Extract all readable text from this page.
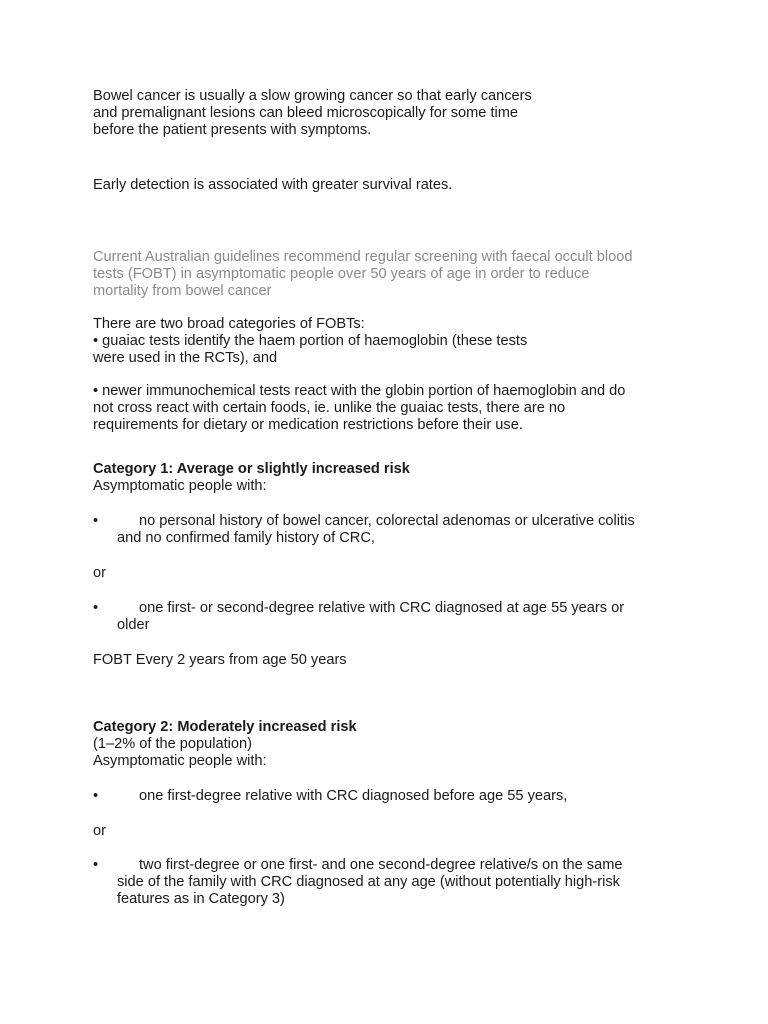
Bowel cancer is usually a slow growing cancer so that early cancers
and premalignant lesions can bleed microscopically for some time
before the patient presents with symptoms.
Early detection is associated with greater survival rates.
Current Australian guidelines recommend regular screening with faecal occult blood
tests (FOBT) in asymptomatic people over 50 years of age in order to reduce
mortality from bowel cancer
There are two broad categories of FOBTs:
• guaiac tests identify the haem portion of haemoglobin (these tests
were used in the RCTs), and
• newer immunochemical tests react with the globin portion of haemoglobin and do
not cross react with certain foods, ie. unlike the guaiac tests, there are no
requirements for dietary or medication restrictions before their use.
Category 1: Average or slightly increased risk
Asymptomatic people with:
•	no personal history of bowel cancer, colorectal adenomas or ulcerative colitis
and no confirmed family history of CRC,
or
•	one first- or second-degree relative with CRC diagnosed at age 55 years or
older
FOBT Every 2 years from age 50 years
Category 2: Moderately increased risk
(1–2% of the population)
Asymptomatic people with:
•	one first-degree relative with CRC diagnosed before age 55 years,
or
•	two first-degree or one first- and one second-degree relative/s on the same
side of the family with CRC diagnosed at any age (without potentially high-risk
features as in Category 3)
